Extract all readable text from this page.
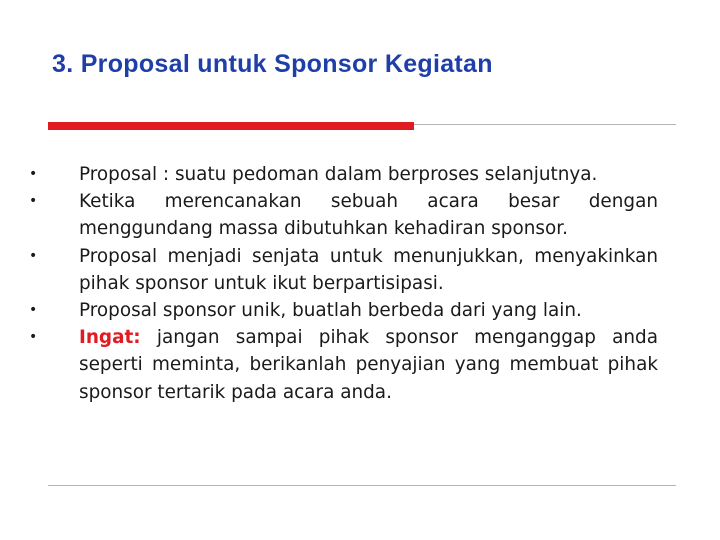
3. Proposal untuk Sponsor Kegiatan
• Proposal : suatu pedoman dalam berproses selanjutnya.
• Ketika merencanakan sebuah acara besar dengan menggundang massa dibutuhkan kehadiran sponsor.
• Proposal menjadi senjata untuk menunjukkan, menyakinkan pihak sponsor untuk ikut berpartisipasi.
• Proposal sponsor unik, buatlah berbeda dari yang lain.
• Ingat: jangan sampai pihak sponsor menganggap anda seperti meminta, berikanlah penyajian yang membuat pihak sponsor tertarik pada acara anda.
